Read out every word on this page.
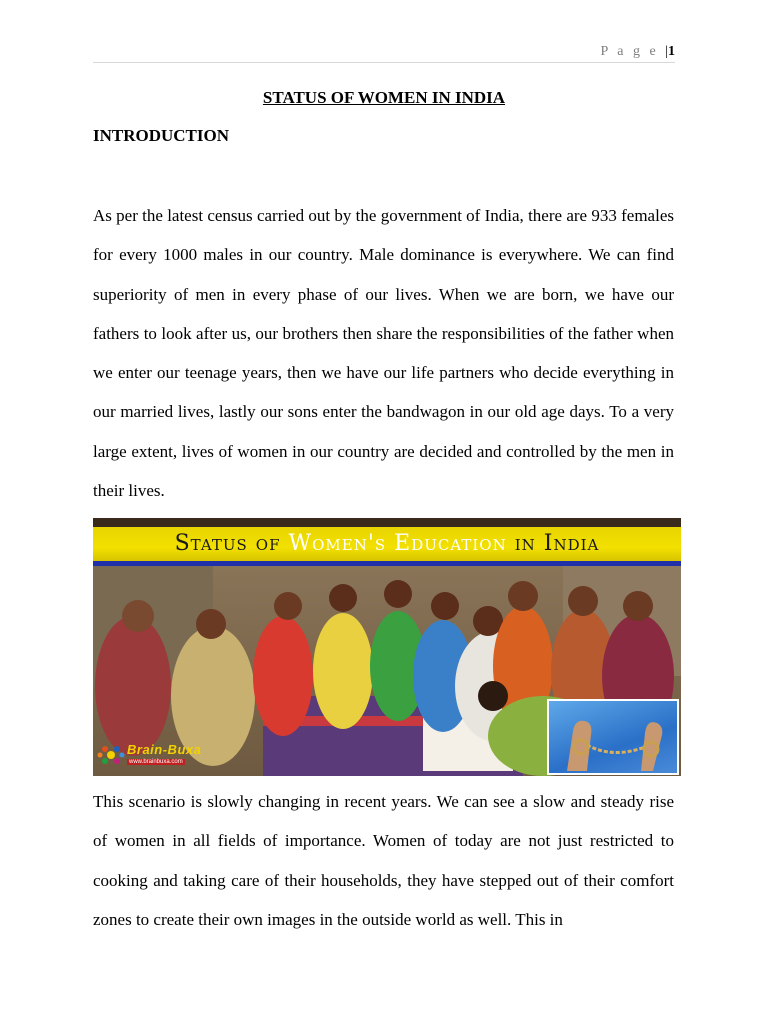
P a g e |1
STATUS OF WOMEN IN INDIA
INTRODUCTION

As per the latest census carried out by the government of India, there are 933 females for every 1000 males in our country. Male dominance is everywhere. We can find superiority of men in every phase of our lives. When we are born, we have our fathers to look after us, our brothers then share the responsibilities of the father when we enter our teenage years, then we have our life partners who decide everything in our married lives, lastly our sons enter the bandwagon in our old age days. To a very large extent, lives of women in our country are decided and controlled by the men in their lives.

Status of Women's Education in India
Brain-Buxa
www.brainbuxa.com

This scenario is slowly changing in recent years. We can see a slow and steady rise of women in all fields of importance. Women of today are not just restricted to cooking and taking care of their households, they have stepped out of their comfort zones to create their own images in the outside world as well. This in
